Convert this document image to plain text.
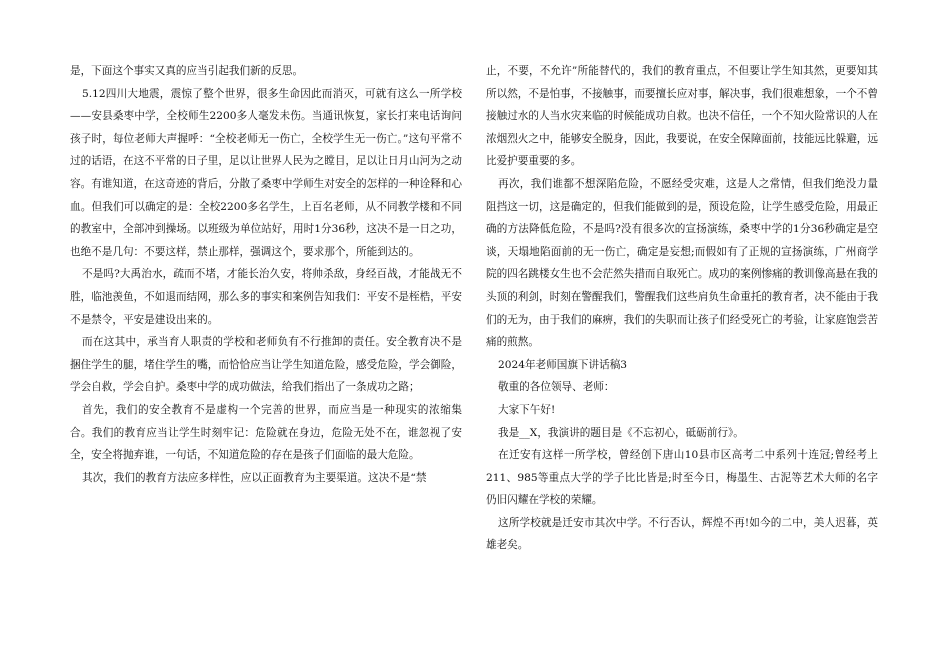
是，下面这个事实又真的应当引起我们新的反思。

5.12四川大地震，震惊了整个世界，很多生命因此而消灭，可就有这么一所学校——安县桑枣中学，全校师生2200多人毫发未伤。当通讯恢复，家长打来电话询问孩子时，每位老师大声握呼：“全校老师无一伤亡，全校学生无一伤亡。”这句平常不过的话语，在这不平常的日子里，足以让世界人民为之瞠目，足以让日月山河为之动容。有谁知道，在这奇迹的背后，分散了桑枣中学师生对安全的怎样的一种诠释和心血。但我们可以确定的是：全校2200多名学生，上百名老师，从不同教学楼和不同的教室中，全部冲到操场。以班级为单位站好，用时1分36秒，这决不是一日之功，也绝不是几句：不要这样，禁止那样，强调这个，要求那个，所能到达的。

不是吗?大禹治水，疏而不堵，才能长治久安，将帅杀敌，身经百战，才能战无不胜，临池羡鱼，不如退而结网，那么多的事实和案例告知我们：平安不是桎梏，平安不是禁令，平安是建设出来的。

而在这其中，承当育人职责的学校和老师负有不行推卸的责任。安全教育决不是捆住学生的腿，堵住学生的嘴，而恰恰应当让学生知道危险，感受危险，学会御险，学会自救，学会自护。桑枣中学的成功做法，给我们指出了一条成功之路；

首先，我们的安全教育不是虚构一个完善的世界，而应当是一种现实的浓缩集合。我们的教育应当让学生时刻牢记：危险就在身边，危险无处不在，谁忽视了安全，安全将抛弃谁，一句话，不知道危险的存在是孩子们面临的最大危险。

其次，我们的教育方法应多样性，应以正面教育为主要渠道。这决不是“禁

止，不要，不允许”所能替代的，我们的教育重点，不但要让学生知其然，更要知其所以然，不是怕事，不接触事，而要擅长应对事，解决事，我们很难想象，一个不曾接触过水的人当水灾来临的时候能成功自救。也决不信任，一个不知火险常识的人在浓烟烈火之中，能够安全脱身，因此，我要说，在安全保障面前，技能远比躲避，远比爱护要重要的多。

再次，我们谁都不想深陷危险，不愿经受灾难，这是人之常情，但我们绝没力量阻挡这一切，这是确定的，但我们能做到的是，预设危险，让学生感受危险，用最正确的方法降低危险，不是吗?没有很多次的宣扬演练，桑枣中学的1分36秒确定是空谈，天塌地陷面前的无一伤亡，确定是妄想;而假如有了正规的宣扬演练，广州商学院的四名跳楼女生也不会茫然失措而自取死亡。成功的案例惨痛的教训像高悬在我的头顶的利剑，时刻在警醒我们，警醒我们这些肩负生命重托的教育者，决不能由于我们的无为，由于我们的麻痹，我们的失职而让孩子们经受死亡的考验，让家庭饱尝苦痛的煎熬。

2024年老师国旗下讲话稿3

敬重的各位领导、老师：

大家下午好!

我是__X，我演讲的题目是《不忘初心，砥砺前行》。

在迁安有这样一所学校，曾经创下唐山10县市区高考二中系列十连冠;曾经考上211、985等重点大学的学子比比皆是;时至今日，梅墨生、古泥等艺术大师的名字仍旧闪耀在学校的荣耀。

这所学校就是迁安市其次中学。不行否认，辉煌不再!如今的二中，美人迟暮，英雄老矣。
